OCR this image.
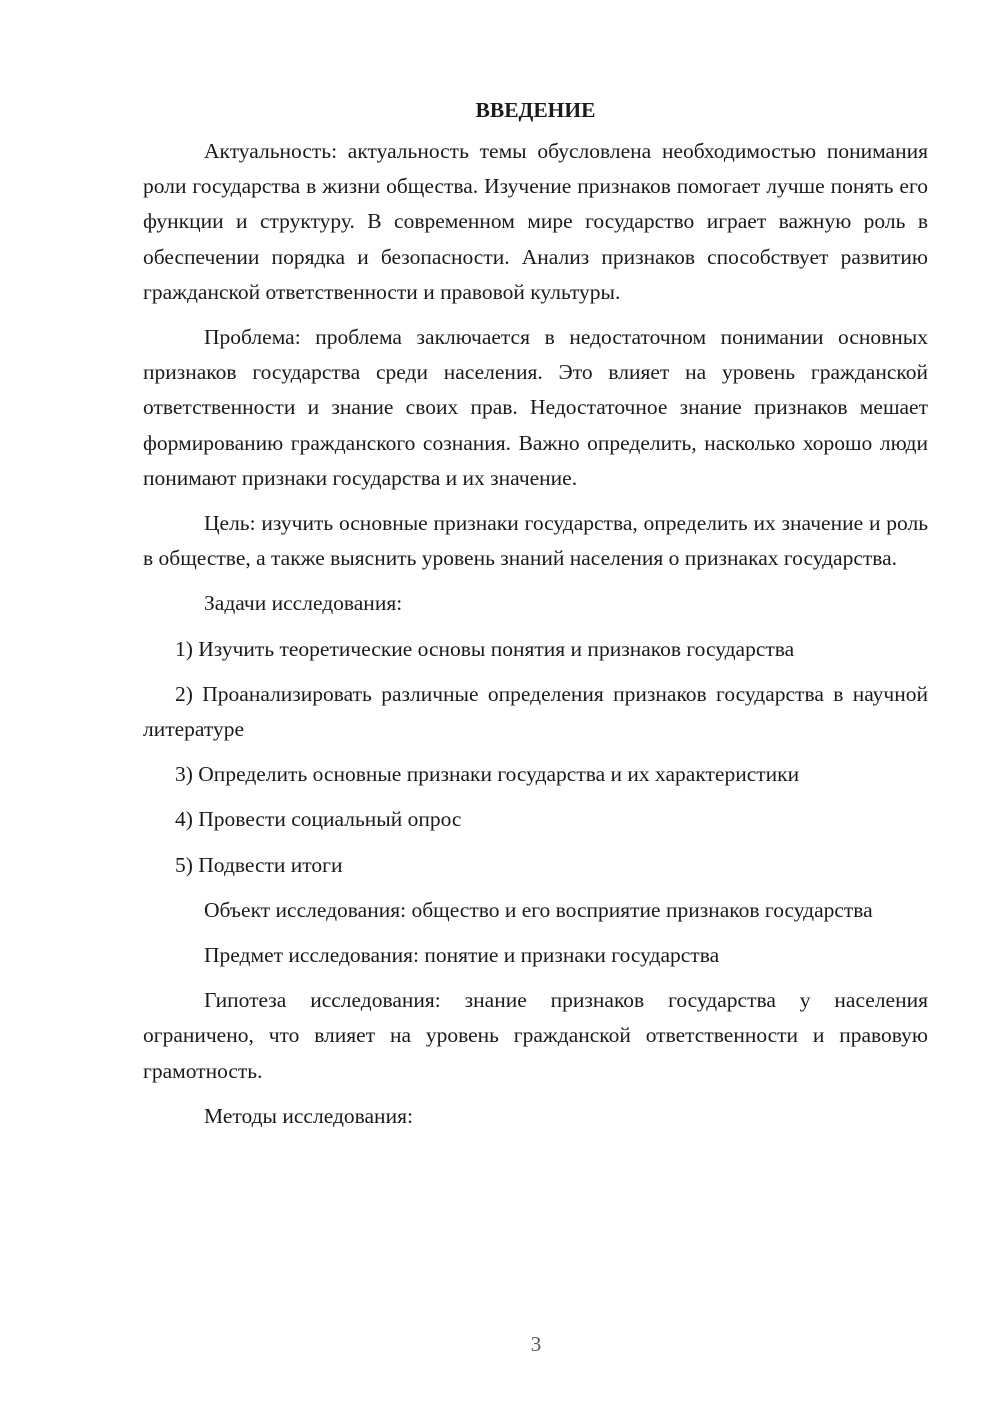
ВВЕДЕНИЕ

Актуальность: актуальность темы обусловлена необходимостью понимания роли государства в жизни общества. Изучение признаков помогает лучше понять его функции и структуру. В современном мире государство играет важную роль в обеспечении порядка и безопасности. Анализ признаков способствует развитию гражданской ответственности и правовой культуры.

Проблема: проблема заключается в недостаточном понимании основных признаков государства среди населения. Это влияет на уровень гражданской ответственности и знание своих прав. Недостаточное знание признаков мешает формированию гражданского сознания. Важно определить, насколько хорошо люди понимают признаки государства и их значение.

Цель: изучить основные признаки государства, определить их значение и роль в обществе, а также выяснить уровень знаний населения о признаках государства.

Задачи исследования:

1) Изучить теоретические основы понятия и признаков государства

2) Проанализировать различные определения признаков государства в научной литературе

3) Определить основные признаки государства и их характеристики

4) Провести социальный опрос

5) Подвести итоги

Объект исследования: общество и его восприятие признаков государства

Предмет исследования: понятие и признаки государства

Гипотеза исследования: знание признаков государства у населения ограничено, что влияет на уровень гражданской ответственности и правовую грамотность.

Методы исследования:

3
